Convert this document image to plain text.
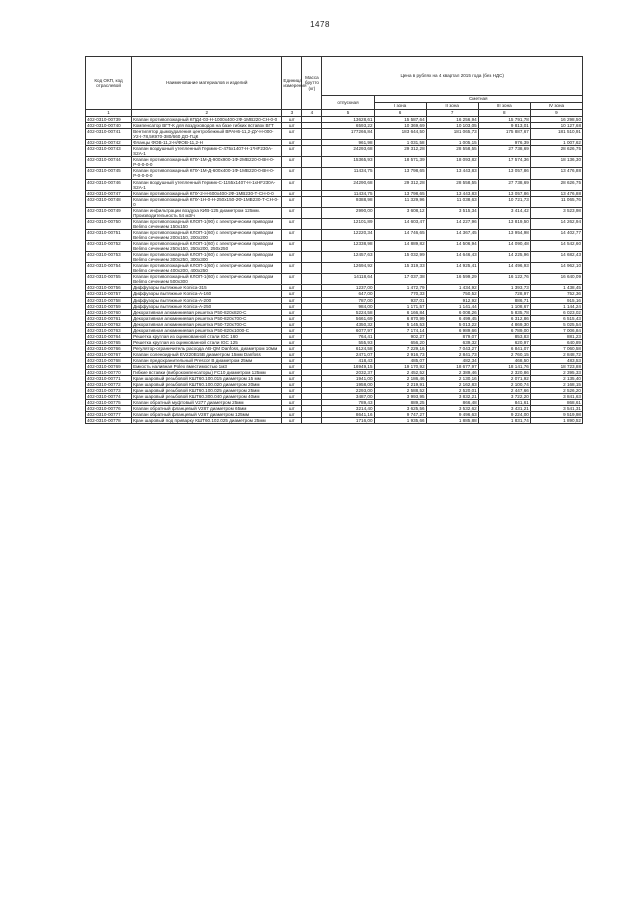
1478
Код ОКП, код отраслевой	Наименование материалов и изделий	Единица измерения	Масса брутто (кг)	Цена в рублях на 4 квартал 2015 года (без НДС)				
				отпускная	Сметная			
					I зона	II зона	III зона	IV зона
1	2	3	4	5	6	7	8	9
402-0310-00739	Клапан противопожарный КПД4-03-Н-1000х400-2Ф-1МВ220-СН-0-0	шт		13628,61	15 587,64	16 256,94	15 791,78	16 298,50
402-0310-00740	Компенсатор ВГТ-К для воздуховодов на базе гибких вставок ВГТ	шт		6593,22	10 369,69	10 103,05	9 813,01	10 127,68
402-0310-00741	Вентилятор дымоудаления центробежный ВРАН6-11,2-ДУ-Н-000-У2-I-78,5К970-380/660 ДО-ГЦК	шт		177266,84	183 644,50	181 065,73	175 887,67	181 510,91
402-0310-00742	Фланцы ФОВ-11,2-Н/ФОВ-11,2-Н	шт		961,98	1 031,58	1 005,15	976,39	1 007,62
402-0310-00743	Клапан воздушный утепленный Гермик-С-475х1407-Н-1*НF230А-S2А-1	шт		24293,68	29 312,28	28 558,55	27 738,69	28 626,75
402-0310-00744	Клапан противопожарный КПУ-1М-Д-900х900-1Ф-2МВ220-0-ВН-0-Р-0-0-0-0	шт		15365,93	18 571,39	18 093,82	17 574,36	18 136,30
402-0310-00745	Клапан противопожарный КПУ-1М-Д-600х400-1Ф-1МВ220-0-ВН-0-Р-0-0-0-0	шт		11434,75	13 798,65	13 443,83	13 057,86	13 476,88
402-0310-00746	Клапан воздушный утепленный Гермик-С-1155х1407-Н-1хНF230А-S2А-1	шт		24290,68	29 312,28	28 558,55	27 738,69	28 626,75
402-0310-00747	Клапан противопожарный КПУ-2-Н-600х400-2Ф-1МВ230-Т-СН-0-0	шт		11434,75	13 798,65	13 443,83	13 057,86	13 476,88
402-0310-00748	Клапан противопожарный КПУ-1Н-0-Н-250х150-2Ф-1МВ230-Т-СН-0-0	шт		9388,98	11 329,96	11 038,63	10 721,73	11 065,76
402-0310-00749	Клапан инфильтрации воздуха КИВ-125 диаметром 125мм. Производительность 54 м3/ч	шт		2990,00	3 608,12	3 515,34	3 414,42	3 523,98
402-0310-00750	Клапан противопожарный КЛОП-1(90) с электрическим приводом Belimo сечением 150х150	шт		12101,89	14 603,47	14 227,96	13 819,50	14 262,94
402-0310-00751	Клапан противопожарный КЛОП-1(60) с электрическим приводом Belimo сечением 200х150, 200х200	шт		12220,34	14 746,65	14 367,45	13 954,98	14 402,77
402-0310-00752	Клапан противопожарный КЛОП-1(60) с электрическим приводом Belimo сечением 250х150, 250х200, 250х250	шт		12338,98	14 889,82	14 506,94	14 090,48	14 542,60
402-0310-00753	Клапан противопожарный КЛОП-1(60) с электрическим приводом Belimo сечением 300х250, 300х300	шт		12457,63	15 032,99	14 646,43	14 225,96	14 682,43
402-0310-00754	Клапан противопожарный КЛОП-1(60) с электрическим приводом Belimo сечением 400х200, 400х250	шт		12694,92	15 319,33	14 925,41	14 496,93	14 962,10
402-0310-00755	Клапан противопожарный КЛОП-1(60) с электрическим приводом Belimo сечением 500х300	шт		14118,64	17 037,38	16 599,29	16 122,76	16 640,09
402-0310-00756	Диффузоры вытяжные Konica-315	шт		1237,00	1 472,79	1 434,92	1 393,73	1 438,45
402-0310-00757	Диффузоры вытяжные Konica-А-160	шт		647,00	770,33	750,52	728,97	752,36
402-0310-00758	Диффузоры вытяжные Konica-А-200	шт		787,00	937,01	912,92	886,71	915,16
402-0310-00759	Диффузоры вытяжные Konica-А-250	шт		984,00	1 171,57	1 141,44	1 108,67	1 144,24
402-0310-00760	Декоративная алюминиевая решетка Р50-820х820-С	шт		5224,58	6 166,84	6 008,26	5 835,78	6 023,02
402-0310-00761	Декоративная алюминиевая решетка Р50-820х700-С	шт		5661,69	6 870,99	6 499,45	6 312,86	6 515,43
402-0310-00762	Декоративная алюминиевая решетка Р50-720х700-С	шт		4350,32	5 145,53	5 013,22	4 869,30	5 025,54
402-0310-00763	Декоративная алюминиевая решетка Р50-820х1000-С	шт		6077,97	7 174,14	6 989,66	6 789,00	7 006,84
402-0310-00764	Решетка круглая из оцинкованной стали IGC 160	шт		764,41	902,27	879,07	853,83	881,23
402-0310-00765	Решетка круглая из оцинкованной стали IGC 125	шт		555,93	656,20	639,32	620,97	640,89
402-0310-00766	Регулятор-ограничитель расхода AB-QM Danfoss, диаметром 10мм	шт		6124,58	7 229,16	7 043,27	6 841,07	7 060,58
402-0310-00767	Клапан соленоидный EV220B15B диаметром 15мм Danfoss	шт		2471,07	2 916,73	2 841,73	2 760,15	2 848,72
402-0310-00768	Клапан предохранительный Prescor B диаметром 25мм	шт		418,43	485,07	482,34	468,50	483,53
402-0310-00769	Емкость наливная Polex вместимостью 1м3	шт		16949,15	19 170,92	18 677,97	18 141,76	18 723,88
402-0310-00770	Гибкие вставки (виброкомпенсаторы) FC10 диаметром 125мм	шт		2032,37	2 452,52	2 389,46	2 320,86	2 395,33
402-0310-00771	Кран шаровый резьбовой КШТ60.100.015 диаметром 15 мм	шт		1941,00	2 186,46	2 130,16	2 071,92	2 135,40
402-0310-00772	Кран шаровый резьбовой КШТ60.100.020 диаметром 20мм	шт		1958,00	2 219,91	2 162,83	2 100,74	2 168,15
402-0310-00773	Кран шаровый резьбовой КШТ60.100.025 диаметром 25мм	шт		2293,00	2 588,52	2 520,01	2 447,66	2 526,20
402-0310-00774	Кран шаровый резьбовой КШТ60.300.040 диаметром 40мм	шт		3487,00	3 993,95	3 832,21	3 722,20	3 841,63
402-0310-00775	Клапан обратный муфтовый V277 диаметром 25мм	шт		789,43	889,25	866,48	841,61	868,61
402-0310-00776	Клапан обратный фланцевый V287 диаметром 65мм	шт		3214,40	3 625,56	3 532,62	3 431,21	3 541,31
402-0310-00777	Клапан обратный фланцевый V287 диаметром 125мм	шт		8641,16	9 747,27	9 496,63	9 224,00	9 519,98
402-0310-00778	Кран шаровый под приварку КШТ60.102.025 диаметром 25мм	шт		1716,00	1 935,66	1 885,88	1 831,74	1 890,52
